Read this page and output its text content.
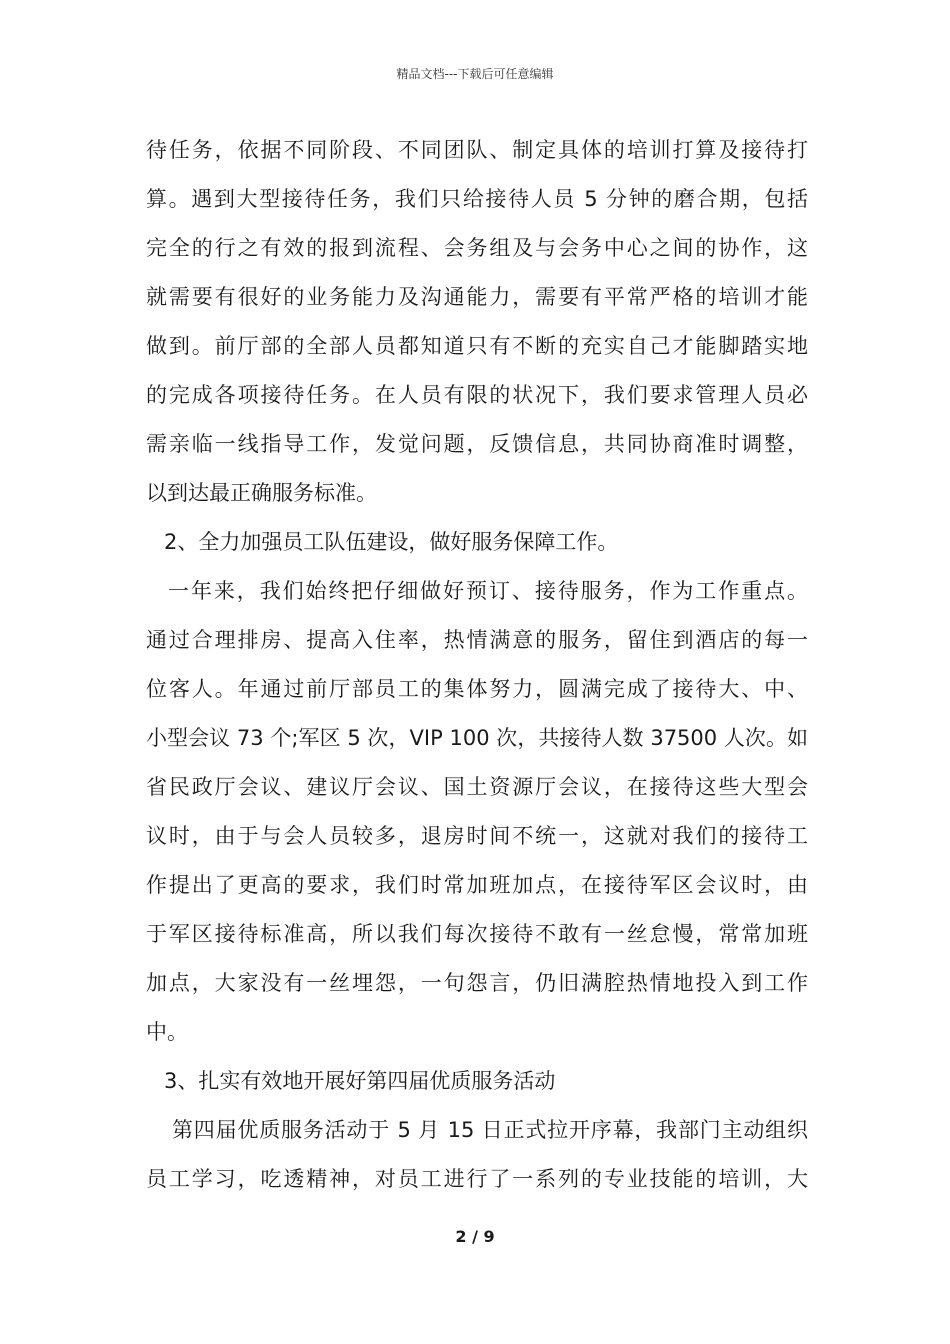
精品文档---下载后可任意编辑
待任务，依据不同阶段、不同团队、制定具体的培训打算及接待打
算。遇到大型接待任务，我们只给接待人员 5 分钟的磨合期，包括
完全的行之有效的报到流程、会务组及与会务中心之间的协作，这
就需要有很好的业务能力及沟通能力，需要有平常严格的培训才能
做到。前厅部的全部人员都知道只有不断的充实自己才能脚踏实地
的完成各项接待任务。在人员有限的状况下，我们要求管理人员必
需亲临一线指导工作，发觉问题，反馈信息，共同协商准时调整，
以到达最正确服务标准。
2、全力加强员工队伍建设，做好服务保障工作。
一年来，我们始终把仔细做好预订、接待服务，作为工作重点。
通过合理排房、提高入住率，热情满意的服务，留住到酒店的每一
位客人。年通过前厅部员工的集体努力，圆满完成了接待大、中、
小型会议 73 个;军区 5 次，VIP 100 次，共接待人数 37500 人次。如
省民政厅会议、建议厅会议、国土资源厅会议，在接待这些大型会
议时，由于与会人员较多，退房时间不统一，这就对我们的接待工
作提出了更高的要求，我们时常加班加点，在接待军区会议时，由
于军区接待标准高，所以我们每次接待不敢有一丝怠慢，常常加班
加点，大家没有一丝埋怨，一句怨言，仍旧满腔热情地投入到工作
中。
3、扎实有效地开展好第四届优质服务活动
第四届优质服务活动于 5 月 15 日正式拉开序幕，我部门主动组织
员工学习，吃透精神，对员工进行了一系列的专业技能的培训，大
2 / 9
